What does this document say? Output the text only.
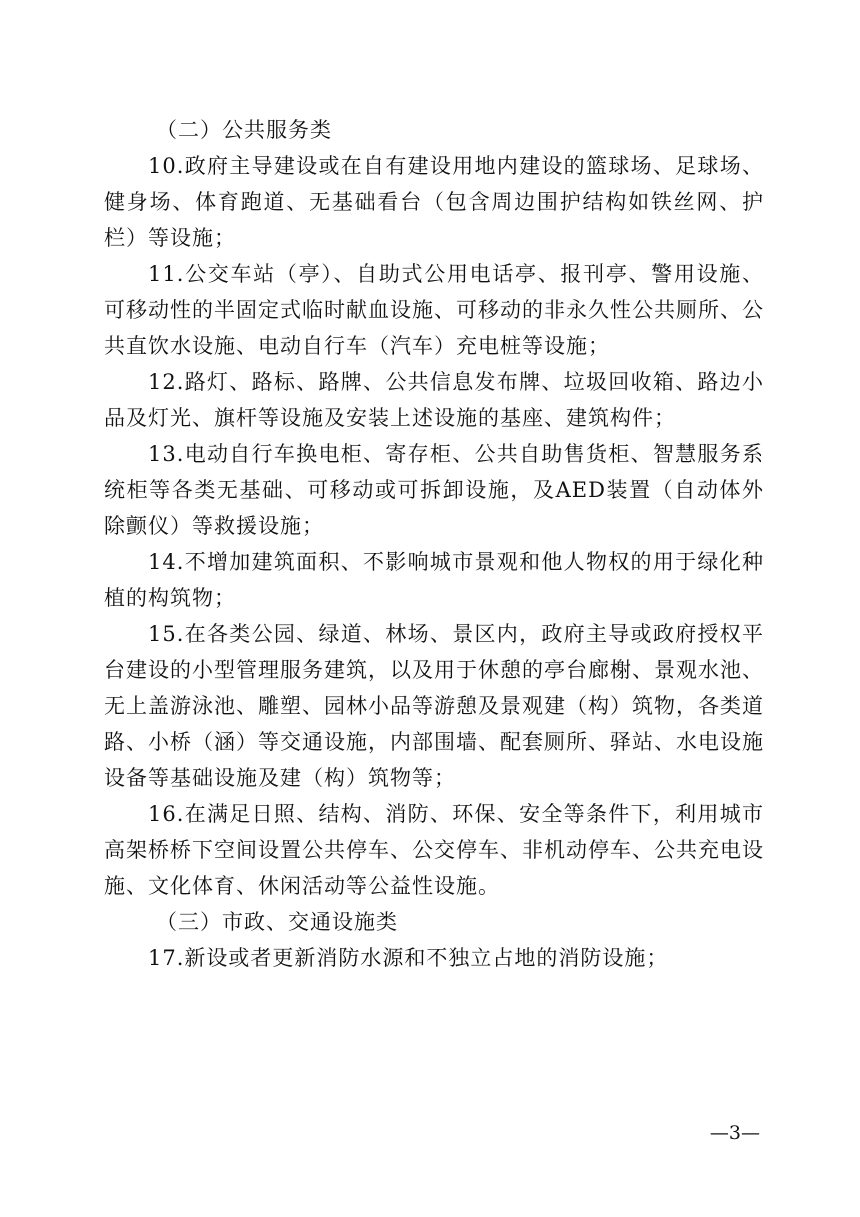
（二）公共服务类

10.政府主导建设或在自有建设用地内建设的篮球场、足球场、健身场、体育跑道、无基础看台（包含周边围护结构如铁丝网、护栏）等设施；

11.公交车站（亭）、自助式公用电话亭、报刊亭、警用设施、可移动性的半固定式临时献血设施、可移动的非永久性公共厕所、公共直饮水设施、电动自行车（汽车）充电桩等设施；

12.路灯、路标、路牌、公共信息发布牌、垃圾回收箱、路边小品及灯光、旗杆等设施及安装上述设施的基座、建筑构件；

13.电动自行车换电柜、寄存柜、公共自助售货柜、智慧服务系统柜等各类无基础、可移动或可拆卸设施，及AED装置（自动体外除颤仪）等救援设施；

14.不增加建筑面积、不影响城市景观和他人物权的用于绿化种植的构筑物；

15.在各类公园、绿道、林场、景区内，政府主导或政府授权平台建设的小型管理服务建筑，以及用于休憩的亭台廊榭、景观水池、无上盖游泳池、雕塑、园林小品等游憩及景观建（构）筑物，各类道路、小桥（涵）等交通设施，内部围墙、配套厕所、驿站、水电设施设备等基础设施及建（构）筑物等；

16.在满足日照、结构、消防、环保、安全等条件下，利用城市高架桥桥下空间设置公共停车、公交停车、非机动停车、公共充电设施、文化体育、休闲活动等公益性设施。

（三）市政、交通设施类

17.新设或者更新消防水源和不独立占地的消防设施；

—3—
